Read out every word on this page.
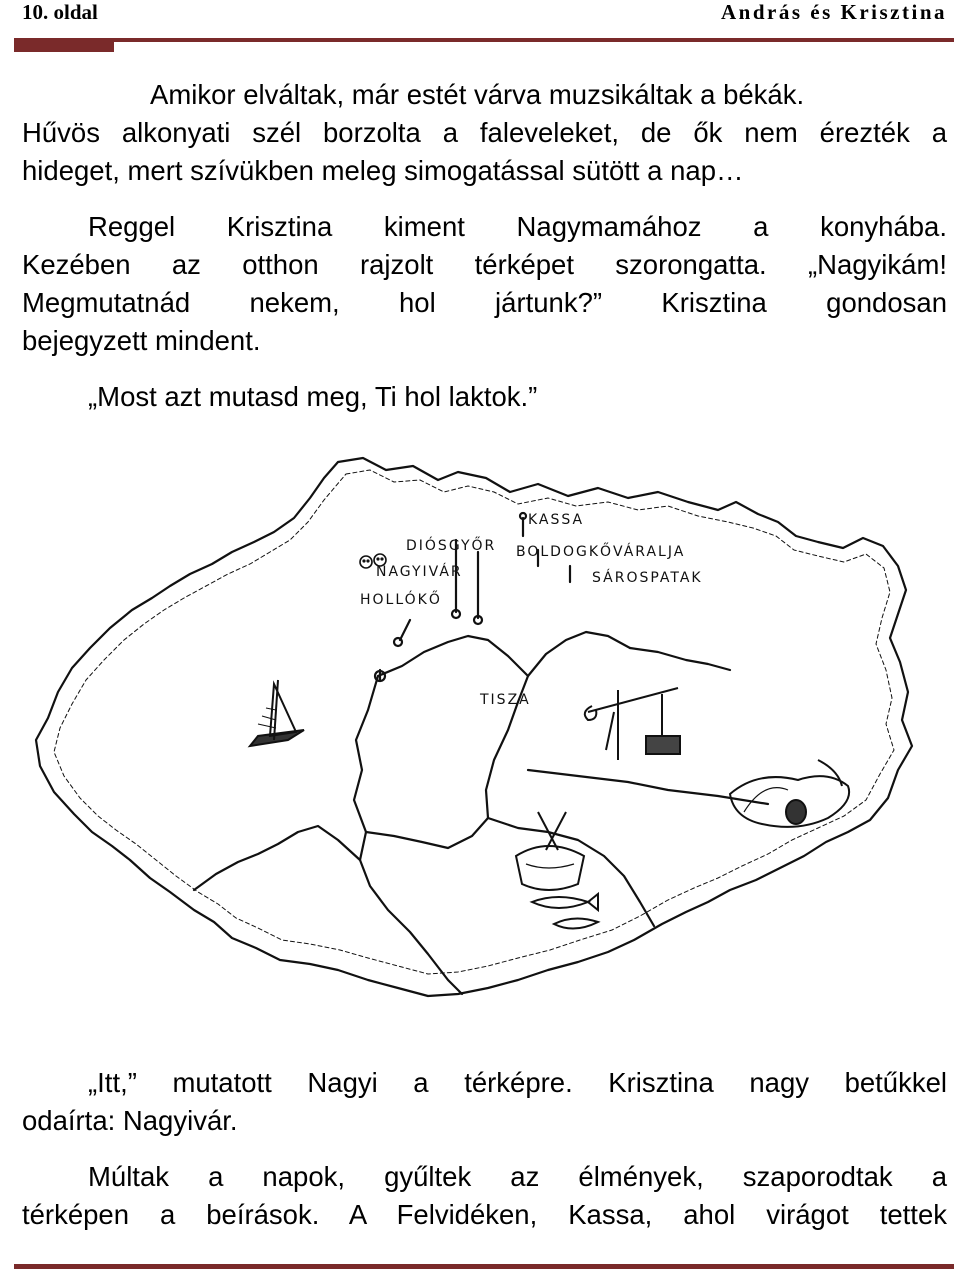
10. oldal	András és Krisztina
Amikor elváltak, már estét várva muzsikáltak a békák.
Hűvös alkonyati szél borzolta a faleveleket, de ők nem érezték a
hideget, mert szívükben meleg simogatással sütött a nap…
Reggel Krisztina kiment Nagymamához a konyhába.
Kezében az otthon rajzolt térképet szorongatta. „Nagyikám!
Megmutatnád nekem, hol jártunk?” Krisztina gondosan
bejegyzett mindent.
„Most azt mutasd meg, Ti hol laktok.”
DIÓSGYŐR
KASSA
BOLDOGKŐVÁRALJA
NAGYIVÁR	SÁROSPATAK
HOLLÓKŐ
TISZA
„Itt,” mutatott Nagyi a térképre. Krisztina nagy betűkkel
odaírta: Nagyivár.
Múltak a napok, gyűltek az élmények, szaporodtak a
térképen a beírások. A Felvidéken, Kassa, ahol virágot tettek
